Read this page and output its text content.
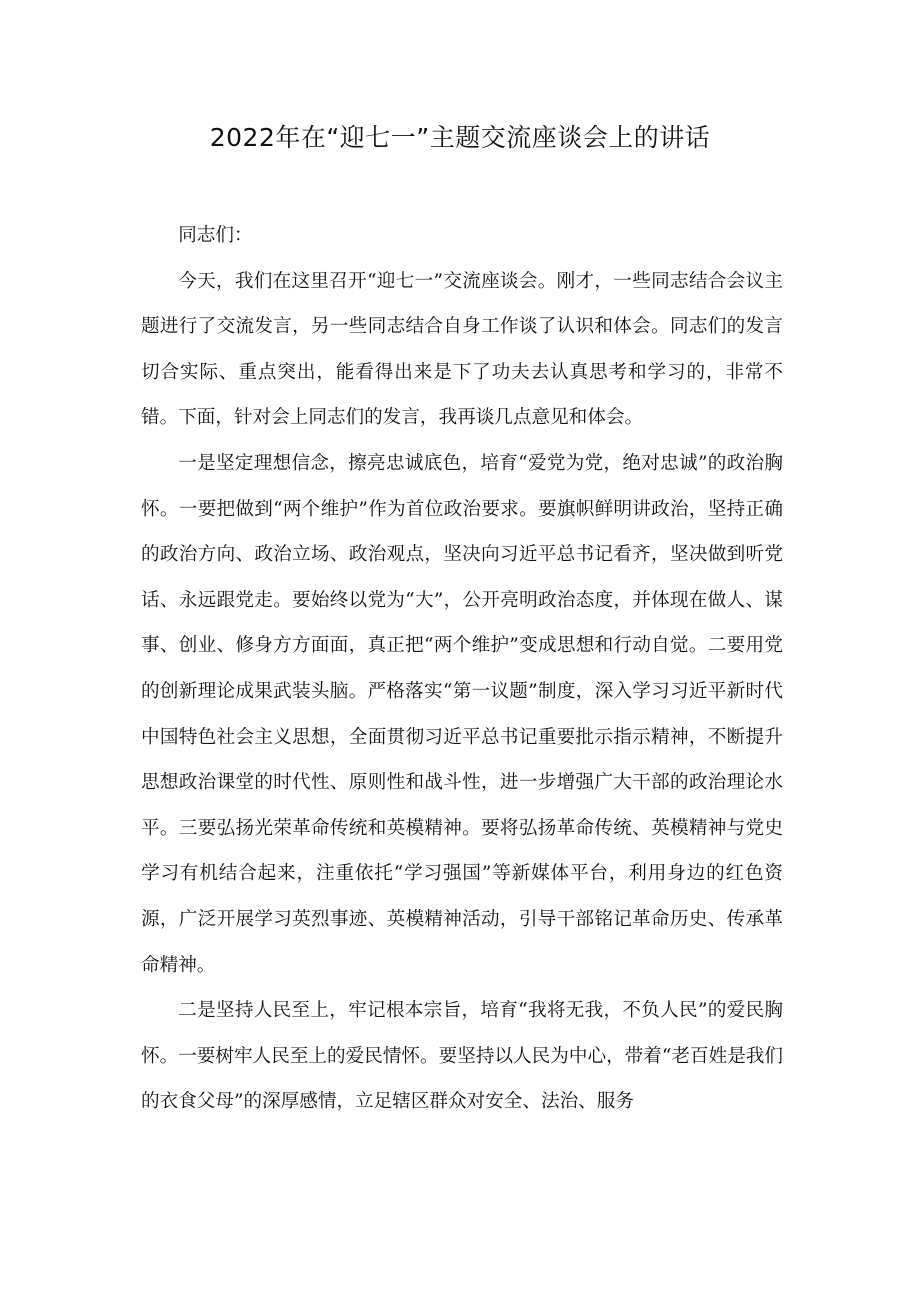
2022年在“迎七一”主题交流座谈会上的讲话

同志们：

今天，我们在这里召开“迎七一”交流座谈会。刚才，一些同志结合会议主题进行了交流发言，另一些同志结合自身工作谈了认识和体会。同志们的发言切合实际、重点突出，能看得出来是下了功夫去认真思考和学习的，非常不错。下面，针对会上同志们的发言，我再谈几点意见和体会。

一是坚定理想信念，擦亮忠诚底色，培育“爱党为党，绝对忠诚”的政治胸怀。一要把做到“两个维护”作为首位政治要求。要旗帜鲜明讲政治，坚持正确的政治方向、政治立场、政治观点，坚决向习近平总书记看齐，坚决做到听党话、永远跟党走。要始终以党为“大”，公开亮明政治态度，并体现在做人、谋事、创业、修身方方面面，真正把“两个维护”变成思想和行动自觉。二要用党的创新理论成果武装头脑。严格落实“第一议题”制度，深入学习习近平新时代中国特色社会主义思想，全面贯彻习近平总书记重要批示指示精神，不断提升思想政治课堂的时代性、原则性和战斗性，进一步增强广大干部的政治理论水平。三要弘扬光荣革命传统和英模精神。要将弘扬革命传统、英模精神与党史学习有机结合起来，注重依托“学习强国”等新媒体平台，利用身边的红色资源，广泛开展学习英烈事迹、英模精神活动，引导干部铭记革命历史、传承革命精神。

二是坚持人民至上，牢记根本宗旨，培育“我将无我，不负人民”的爱民胸怀。一要树牢人民至上的爱民情怀。要坚持以人民为中心，带着“老百姓是我们的衣食父母”的深厚感情，立足辖区群众对安全、法治、服务
